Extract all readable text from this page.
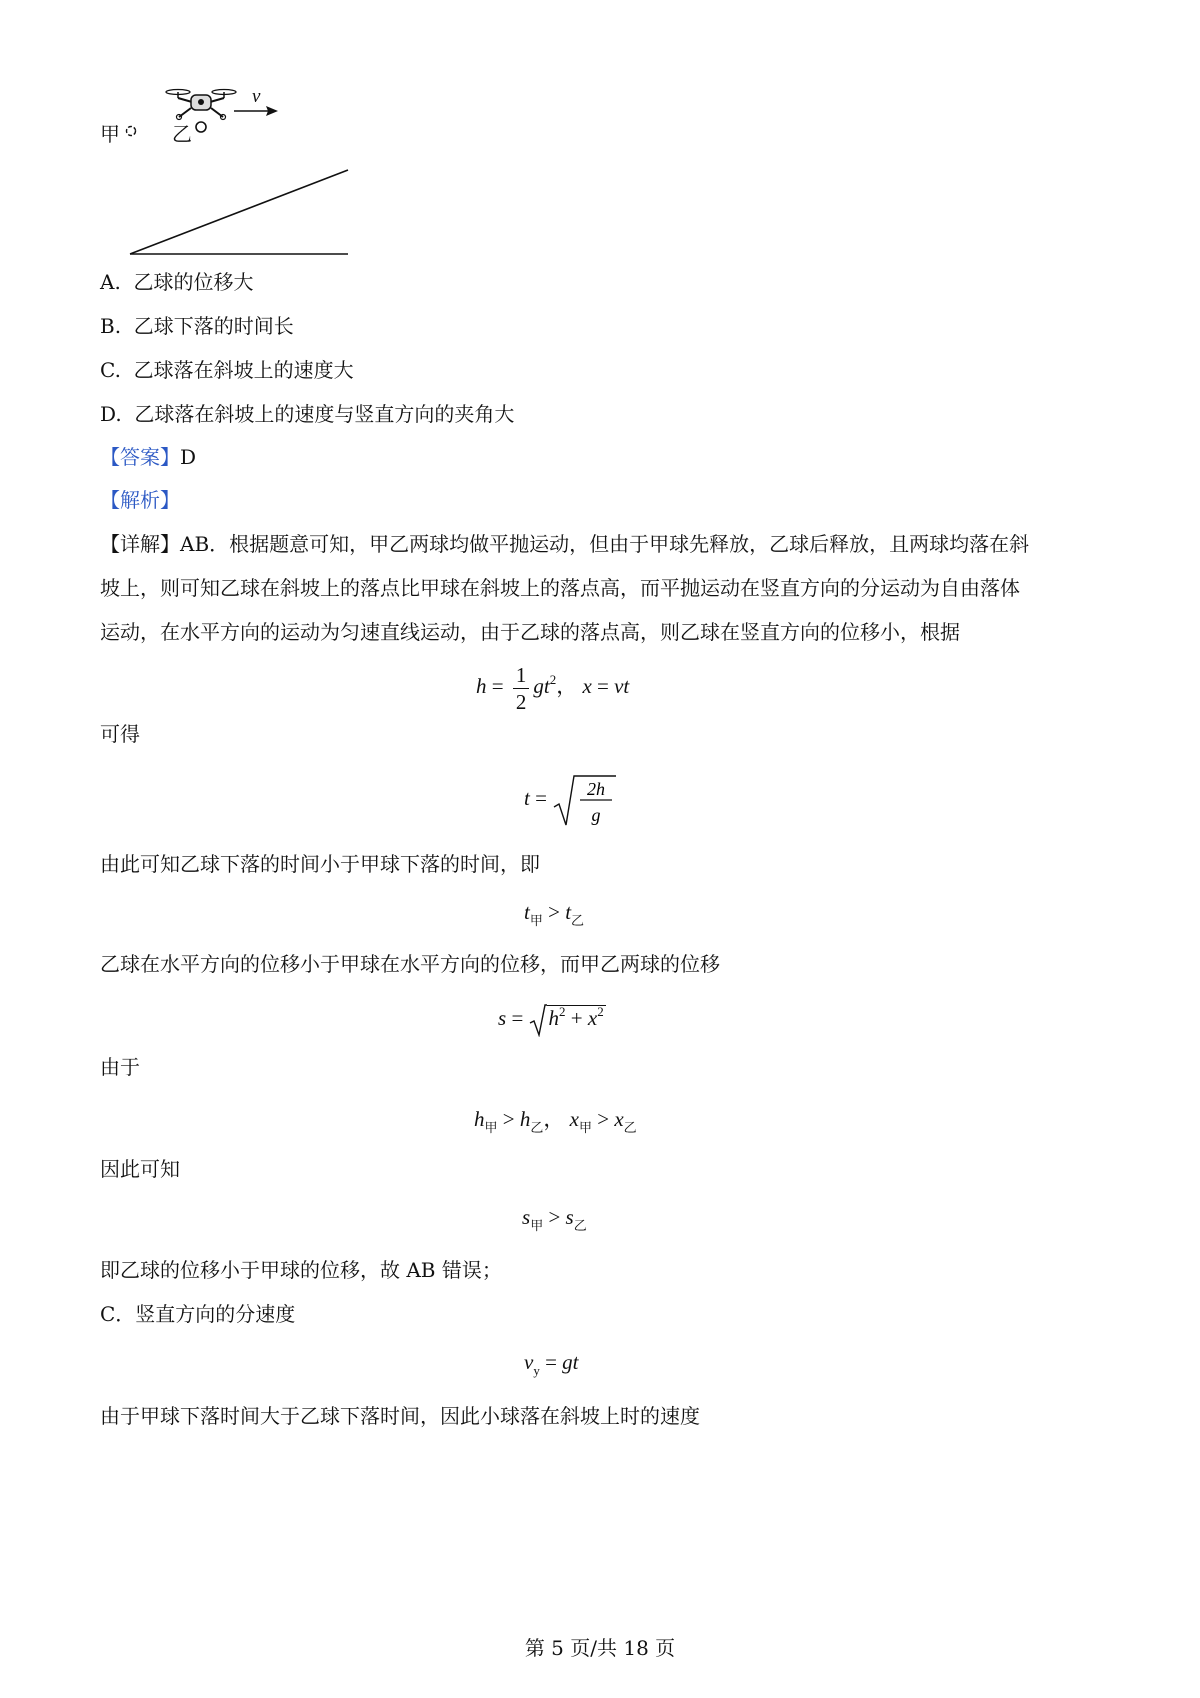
甲	乙
v
A. 乙球的位移大
B. 乙球下落的时间长
C. 乙球落在斜坡上的速度大
D. 乙球落在斜坡上的速度与竖直方向的夹角大
【答案】D
【解析】
【详解】AB．根据题意可知，甲乙两球均做平抛运动，但由于甲球先释放，乙球后释放，且两球均落在斜
坡上，则可知乙球在斜坡上的落点比甲球在斜坡上的落点高，而平抛运动在竖直方向的分运动为自由落体
运动，在水平方向的运动为匀速直线运动，由于乙球的落点高，则乙球在竖直方向的位移小，根据
$h = \frac{1}{2} gt^2$， x = vt
可得
t = 2h
g
由此可知乙球下落的时间小于甲球下落的时间，即
$t_甲 > t_乙$
乙球在水平方向的位移小于甲球在水平方向的位移，而甲乙两球的位移
$s = h^2 + x^2$
由于
$h_甲 > h_乙$， $x_甲 > x_乙$
因此可知
$s_甲 > s_乙$
即乙球的位移小于甲球的位移，故 AB 错误；
C．竖直方向的分速度
$v_y$ = gt
由于甲球下落时间大于乙球下落时间，因此小球落在斜坡上时的速度
第 5 页/共 18 页
